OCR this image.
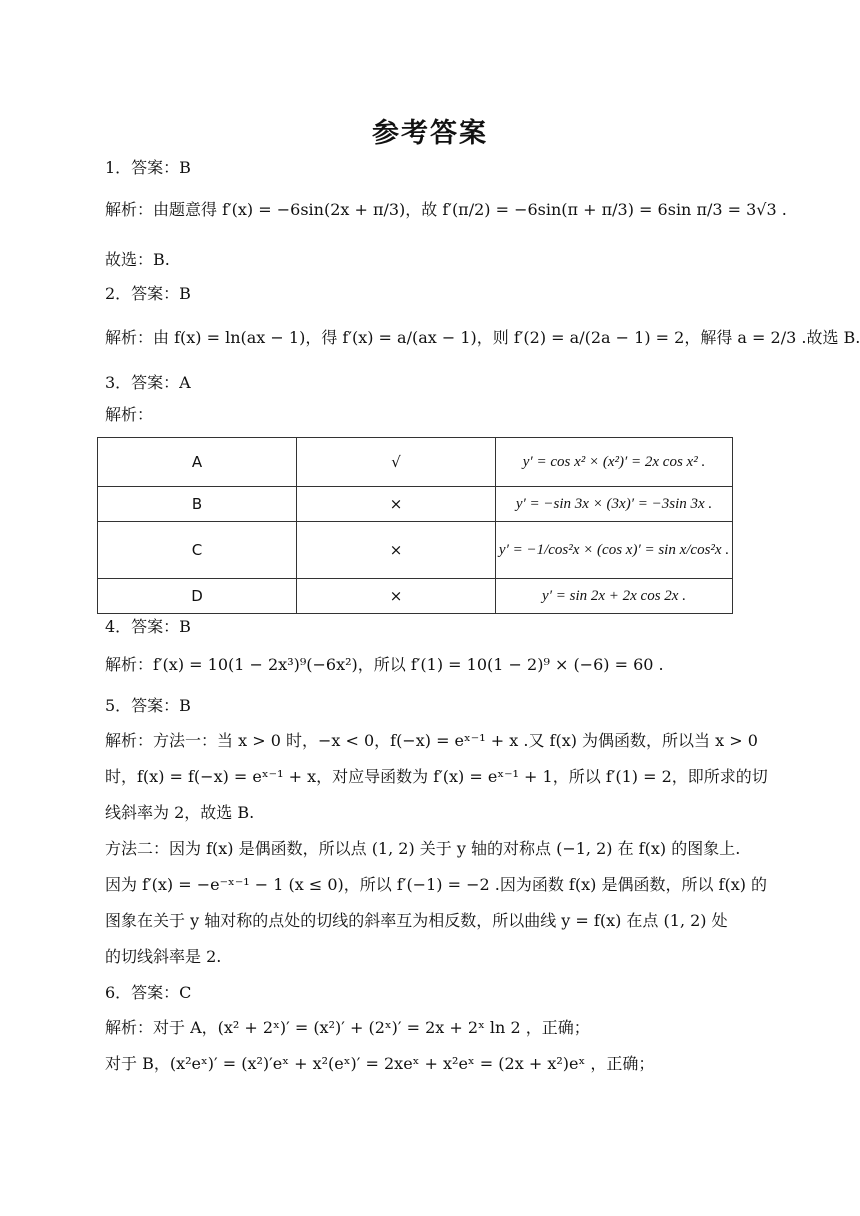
参考答案
1．答案：B
解析：由题意得 f′(x) = −6sin(2x + π/3)，故 f′(π/2) = −6sin(π + π/3) = 6sin π/3 = 3√3 .
故选：B.
2．答案：B
解析：由 f(x) = ln(ax − 1)，得 f′(x) = a/(ax − 1)，则 f′(2) = a/(2a − 1) = 2，解得 a = 2/3 .故选 B.
3．答案：A
解析：
A	√	y′ = cos x² × (x²)′ = 2x cos x² .
B	×	y′ = −sin 3x × (3x)′ = −3sin 3x .
C	×	y′ = −1/cos²x × (cos x)′ = sin x/cos²x .
D	×	y′ = sin 2x + 2x cos 2x .
4．答案：B
解析：f′(x) = 10(1 − 2x³)⁹(−6x²)，所以 f′(1) = 10(1 − 2)⁹ × (−6) = 60 .
5．答案：B
解析：方法一：当 x > 0 时，−x < 0，f(−x) = eˣ⁻¹ + x .又 f(x) 为偶函数，所以当 x > 0
时，f(x) = f(−x) = eˣ⁻¹ + x，对应导函数为 f′(x) = eˣ⁻¹ + 1，所以 f′(1) = 2，即所求的切
线斜率为 2，故选 B.
方法二：因为 f(x) 是偶函数，所以点 (1, 2) 关于 y 轴的对称点 (−1, 2) 在 f(x) 的图象上.
因为 f′(x) = −e⁻ˣ⁻¹ − 1 (x ≤ 0)，所以 f′(−1) = −2 .因为函数 f(x) 是偶函数，所以 f(x) 的
图象在关于 y 轴对称的点处的切线的斜率互为相反数，所以曲线 y = f(x) 在点 (1, 2) 处
的切线斜率是 2.
6．答案：C
解析：对于 A，(x² + 2ˣ)′ = (x²)′ + (2ˣ)′ = 2x + 2ˣ ln 2 ，正确；
对于 B，(x²eˣ)′ = (x²)′eˣ + x²(eˣ)′ = 2xeˣ + x²eˣ = (2x + x²)eˣ ，正确；
